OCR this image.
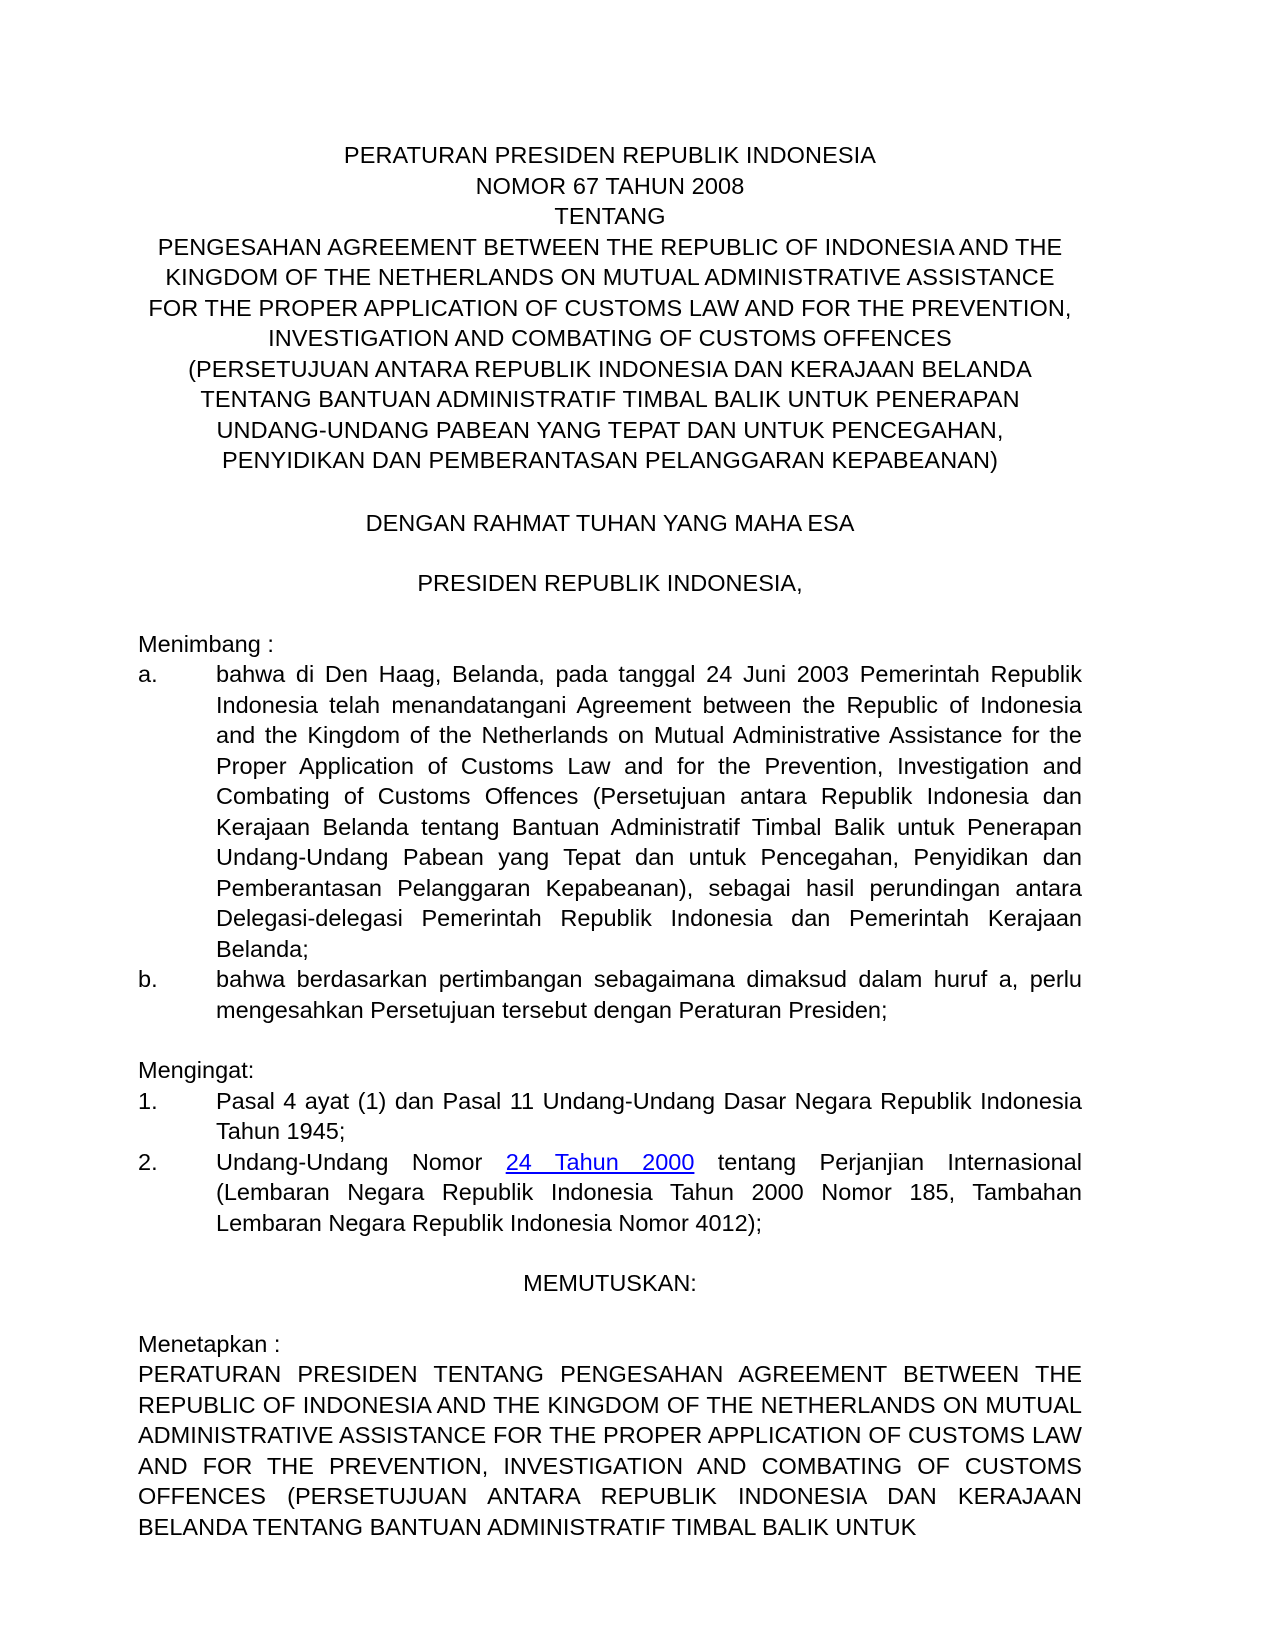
PERATURAN PRESIDEN REPUBLIK INDONESIA
NOMOR 67 TAHUN 2008
TENTANG
PENGESAHAN AGREEMENT BETWEEN THE REPUBLIC OF INDONESIA AND THE
KINGDOM OF THE NETHERLANDS ON MUTUAL ADMINISTRATIVE ASSISTANCE
FOR THE PROPER APPLICATION OF CUSTOMS LAW AND FOR THE PREVENTION,
INVESTIGATION AND COMBATING OF CUSTOMS OFFENCES
(PERSETUJUAN ANTARA REPUBLIK INDONESIA DAN KERAJAAN BELANDA
TENTANG BANTUAN ADMINISTRATIF TIMBAL BALIK UNTUK PENERAPAN
UNDANG-UNDANG PABEAN YANG TEPAT DAN UNTUK PENCEGAHAN,
PENYIDIKAN DAN PEMBERANTASAN PELANGGARAN KEPABEANAN)
DENGAN RAHMAT TUHAN YANG MAHA ESA
PRESIDEN REPUBLIK INDONESIA,
Menimbang :
a.	bahwa di Den Haag, Belanda, pada tanggal 24 Juni 2003 Pemerintah Republik Indonesia telah menandatangani Agreement between the Republic of Indonesia and the Kingdom of the Netherlands on Mutual Administrative Assistance for the Proper Application of Customs Law and for the Prevention, Investigation and Combating of Customs Offences (Persetujuan antara Republik Indonesia dan Kerajaan Belanda tentang Bantuan Administratif Timbal Balik untuk Penerapan Undang-Undang Pabean yang Tepat dan untuk Pencegahan, Penyidikan dan Pemberantasan Pelanggaran Kepabeanan), sebagai hasil perundingan antara Delegasi-delegasi Pemerintah Republik Indonesia dan Pemerintah Kerajaan Belanda;
b.	bahwa berdasarkan pertimbangan sebagaimana dimaksud dalam huruf a, perlu mengesahkan Persetujuan tersebut dengan Peraturan Presiden;
Mengingat:
1.	Pasal 4 ayat (1) dan Pasal 11 Undang-Undang Dasar Negara Republik Indonesia Tahun 1945;
2.	Undang-Undang Nomor 24 Tahun 2000 tentang Perjanjian Internasional (Lembaran Negara Republik Indonesia Tahun 2000 Nomor 185, Tambahan Lembaran Negara Republik Indonesia Nomor 4012);
MEMUTUSKAN:
Menetapkan :
PERATURAN PRESIDEN TENTANG PENGESAHAN AGREEMENT BETWEEN THE REPUBLIC OF INDONESIA AND THE KINGDOM OF THE NETHERLANDS ON MUTUAL ADMINISTRATIVE ASSISTANCE FOR THE PROPER APPLICATION OF CUSTOMS LAW AND FOR THE PREVENTION, INVESTIGATION AND COMBATING OF CUSTOMS OFFENCES (PERSETUJUAN ANTARA REPUBLIK INDONESIA DAN KERAJAAN BELANDA TENTANG BANTUAN ADMINISTRATIF TIMBAL BALIK UNTUK
